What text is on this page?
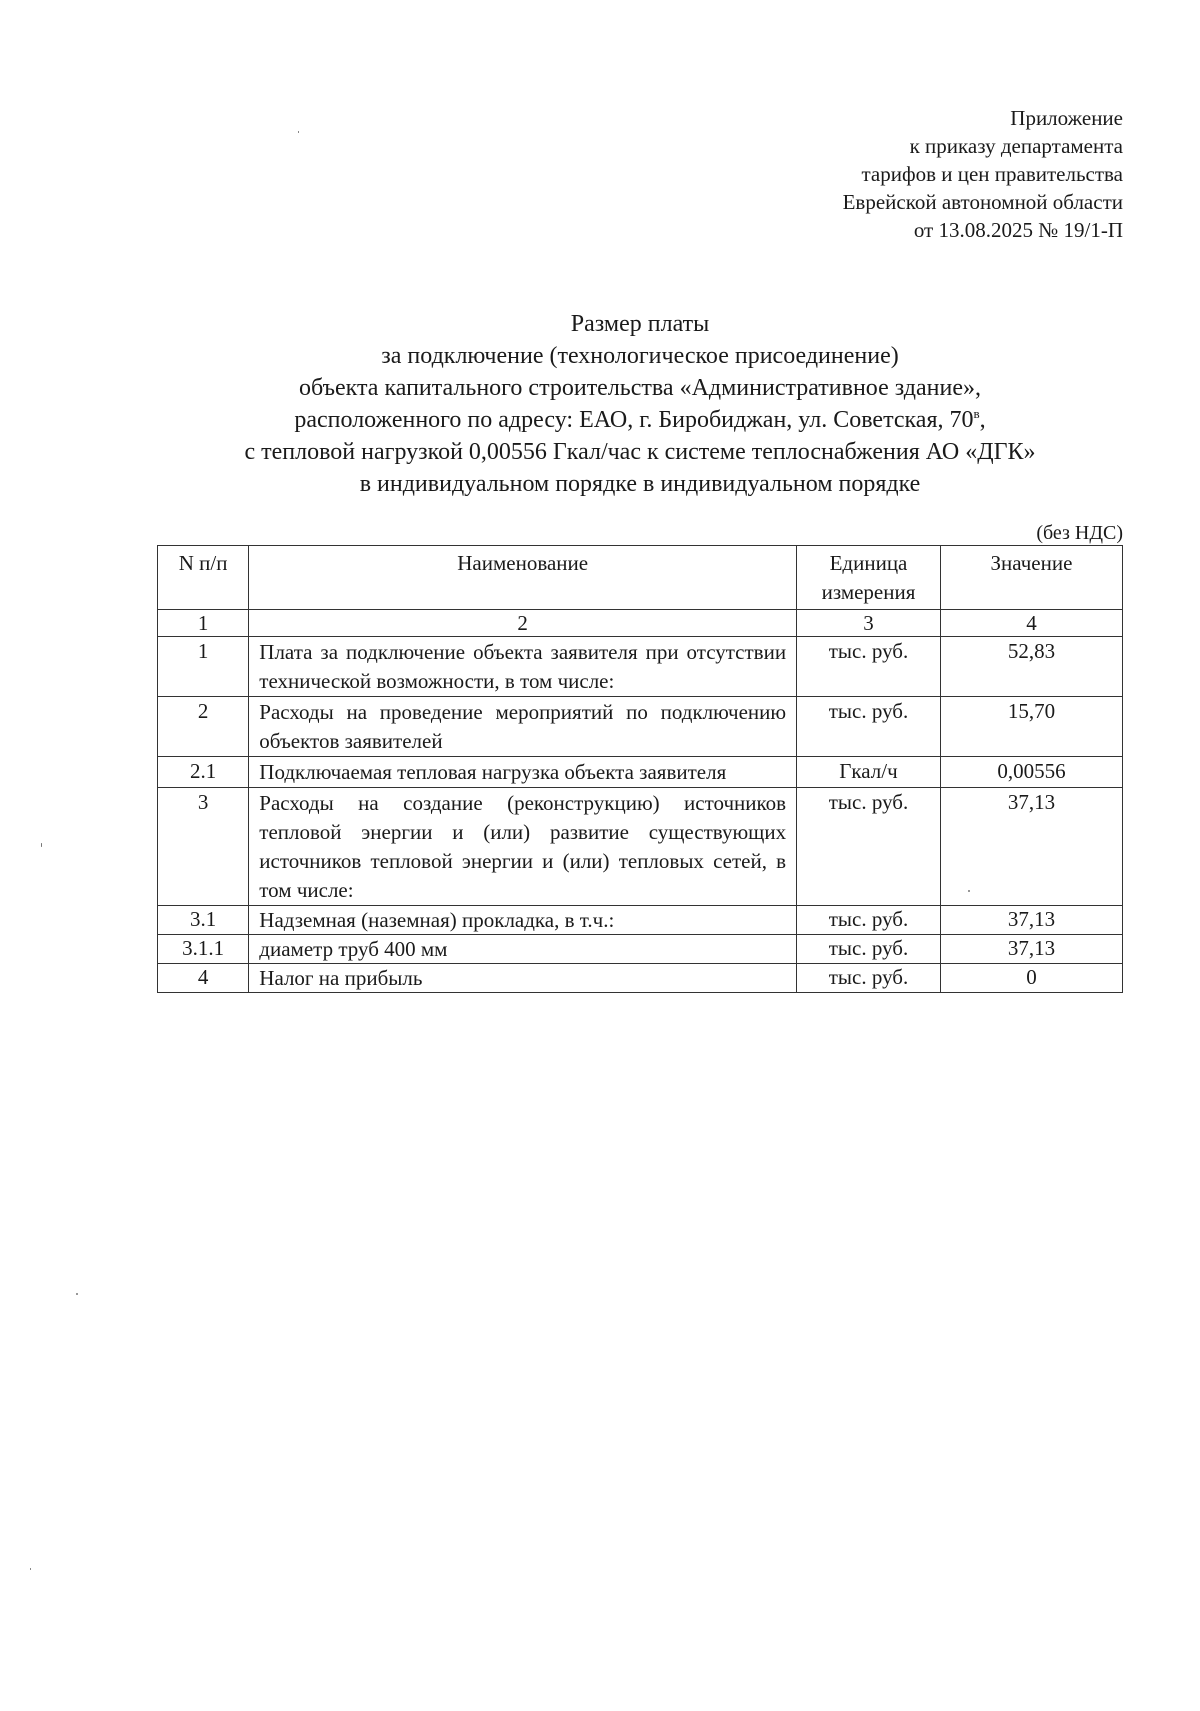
Приложение
к приказу департамента
тарифов и цен правительства
Еврейской автономной области
от 13.08.2025 № 19/1-П
Размер платы
за подключение (технологическое присоединение)
объекта капитального строительства «Административное здание»,
расположенного по адресу: ЕАО, г. Биробиджан, ул. Советская, $70^в$,
с тепловой нагрузкой 0,00556 Гкал/час к системе теплоснабжения АО «ДГК»
в индивидуальном порядке в индивидуальном порядке
(без НДС)
N п/п	Наименование	Единица измерения	Значение
1	2	3	4
1	Плата за подключение объекта заявителя при отсутствии технической возможности, в том числе:	тыс. руб.	52,83
2	Расходы на проведение мероприятий по подключению объектов заявителей	тыс. руб.	15,70
2.1	Подключаемая тепловая нагрузка объекта заявителя	Гкал/ч	0,00556
3	Расходы на создание (реконструкцию) источников тепловой энергии и (или) развитие существующих источников тепловой энергии и (или) тепловых сетей, в том числе:	тыс. руб.	37,13
3.1	Надземная (наземная) прокладка, в т.ч.:	тыс. руб.	37,13
3.1.1	диаметр труб 400 мм	тыс. руб.	37,13
4	Налог на прибыль	тыс. руб.	0
